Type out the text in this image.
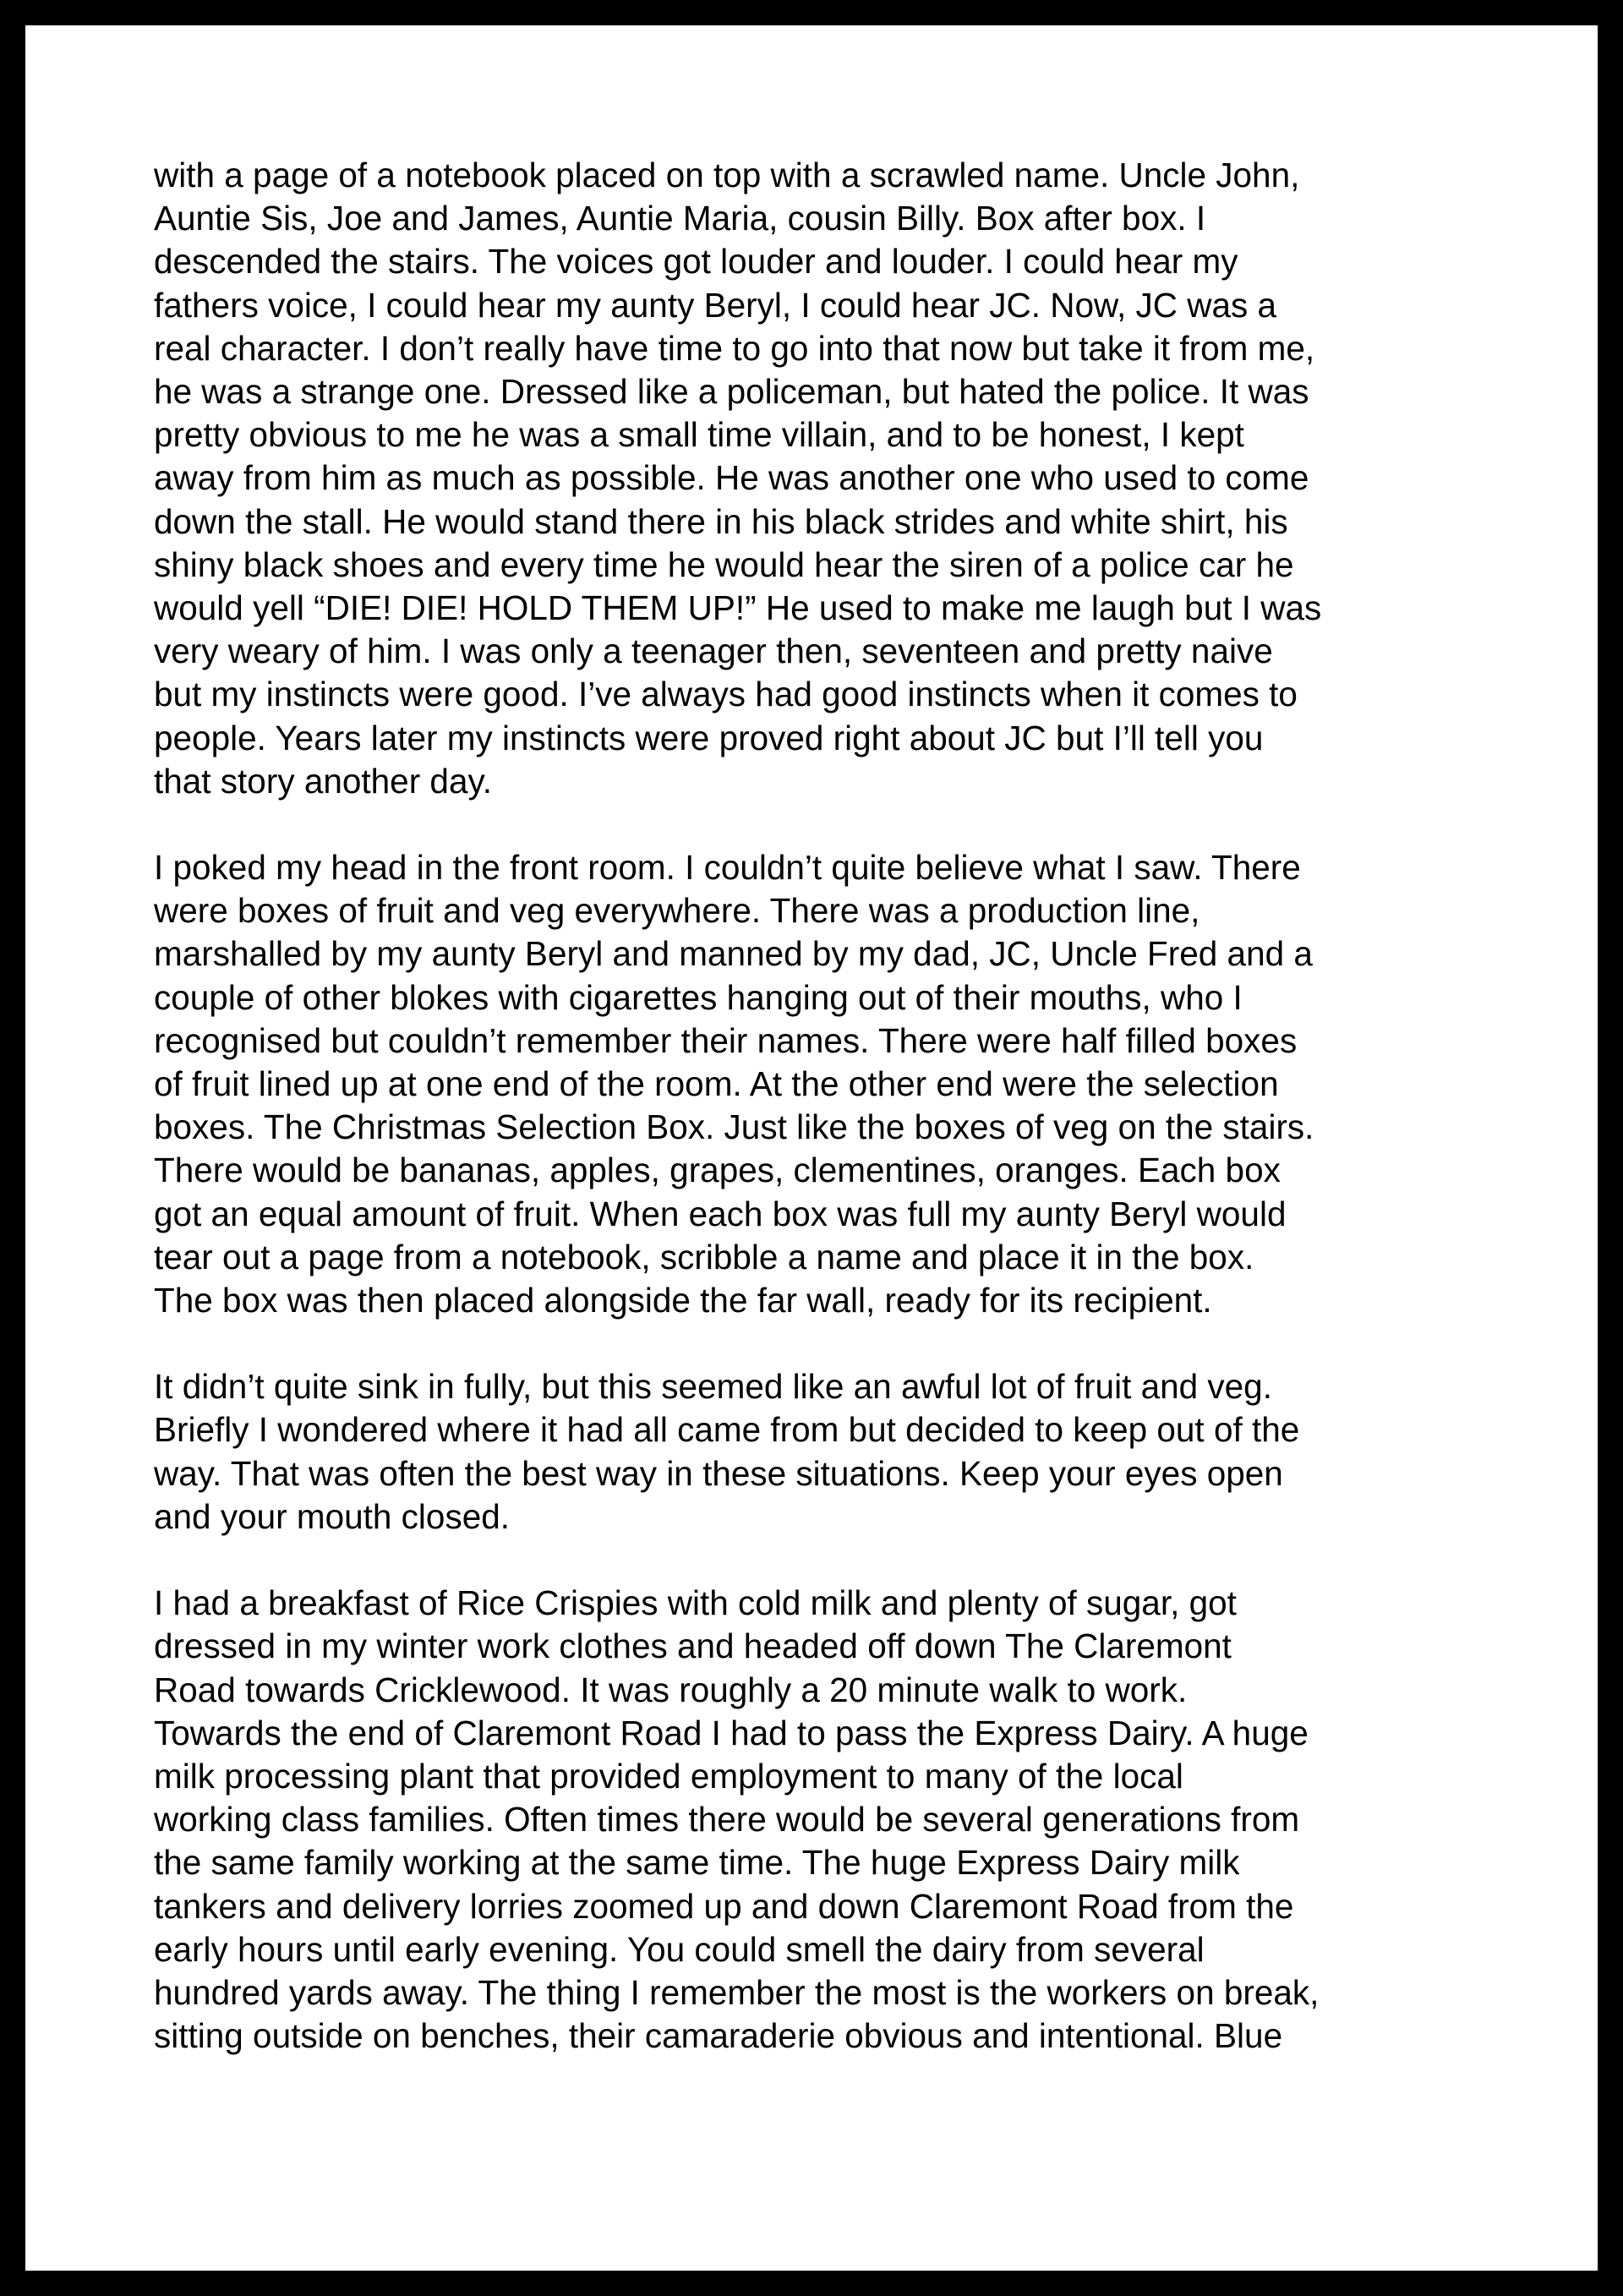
with a page of a notebook placed on top with a scrawled name. Uncle John,
Auntie Sis, Joe and James, Auntie Maria, cousin Billy. Box after box. I
descended the stairs. The voices got louder and louder. I could hear my
fathers voice, I could hear my aunty Beryl, I could hear JC. Now, JC was a
real character. I don’t really have time to go into that now but take it from me,
he was a strange one. Dressed like a policeman, but hated the police. It was
pretty obvious to me he was a small time villain, and to be honest, I kept
away from him as much as possible. He was another one who used to come
down the stall. He would stand there in his black strides and white shirt, his
shiny black shoes and every time he would hear the siren of a police car he
would yell “DIE! DIE! HOLD THEM UP!” He used to make me laugh but I was
very weary of him. I was only a teenager then, seventeen and pretty naive
but my instincts were good. I’ve always had good instincts when it comes to
people. Years later my instincts were proved right about JC but I’ll tell you
that story another day.

I poked my head in the front room. I couldn’t quite believe what I saw. There
were boxes of fruit and veg everywhere. There was a production line,
marshalled by my aunty Beryl and manned by my dad, JC, Uncle Fred and a
couple of other blokes with cigarettes hanging out of their mouths, who I
recognised but couldn’t remember their names. There were half filled boxes
of fruit lined up at one end of the room. At the other end were the selection
boxes. The Christmas Selection Box. Just like the boxes of veg on the stairs.
There would be bananas, apples, grapes, clementines, oranges. Each box
got an equal amount of fruit. When each box was full my aunty Beryl would
tear out a page from a notebook, scribble a name and place it in the box.
The box was then placed alongside the far wall, ready for its recipient.

It didn’t quite sink in fully, but this seemed like an awful lot of fruit and veg.
Briefly I wondered where it had all came from but decided to keep out of the
way. That was often the best way in these situations. Keep your eyes open
and your mouth closed.

I had a breakfast of Rice Crispies with cold milk and plenty of sugar, got
dressed in my winter work clothes and headed off down The Claremont
Road towards Cricklewood. It was roughly a 20 minute walk to work.
Towards the end of Claremont Road I had to pass the Express Dairy. A huge
milk processing plant that provided employment to many of the local
working class families. Often times there would be several generations from
the same family working at the same time. The huge Express Dairy milk
tankers and delivery lorries zoomed up and down Claremont Road from the
early hours until early evening. You could smell the dairy from several
hundred yards away. The thing I remember the most is the workers on break,
sitting outside on benches, their camaraderie obvious and intentional. Blue
